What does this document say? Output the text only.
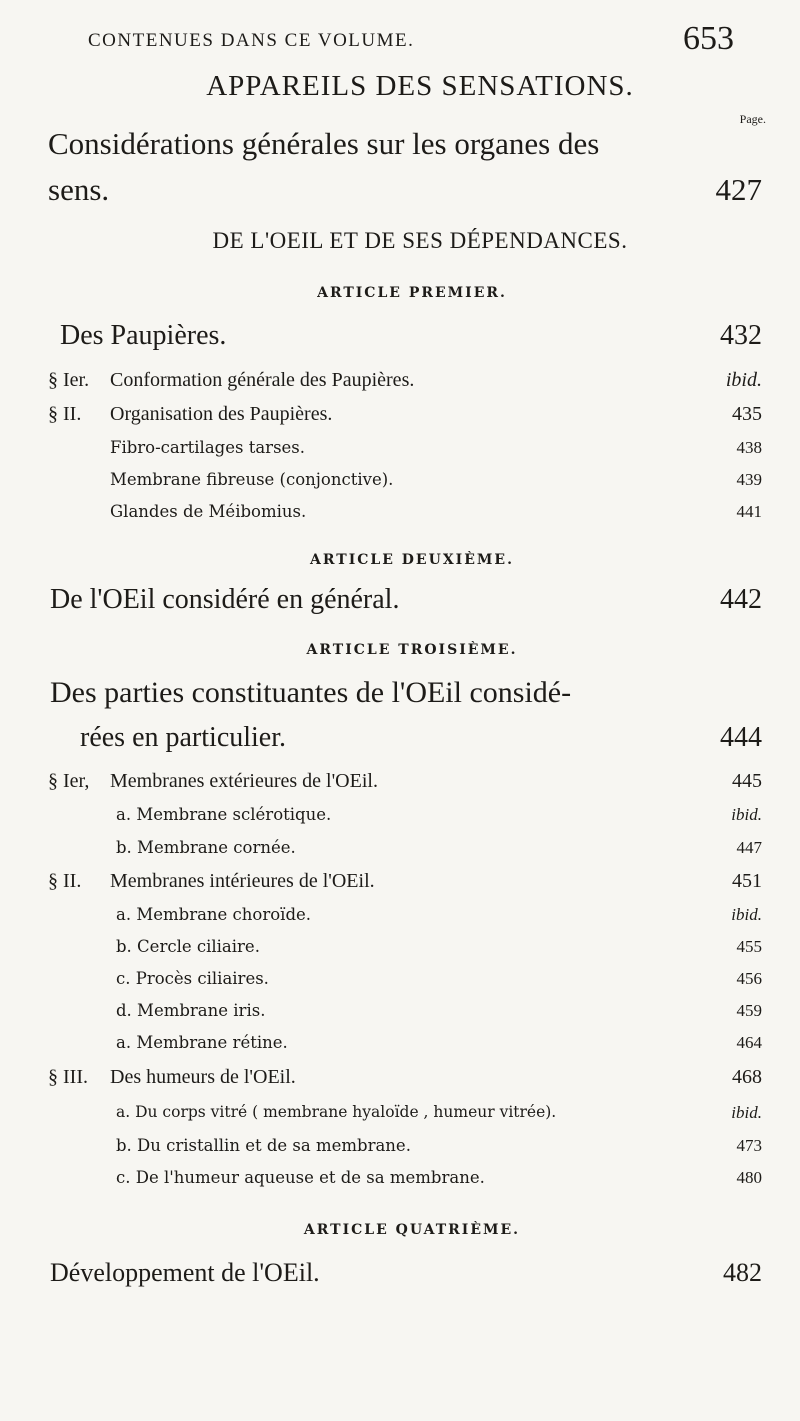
CONTENUES DANS CE VOLUME.	653
APPAREILS DES SENSATIONS.
Page.
Considérations générales sur les organes des
sens.	427
DE L'OEIL ET DE SES DÉPENDANCES.
ARTICLE PREMIER.
Des Paupières.	432
§ Ier. Conformation générale des Paupières.	ibid.
§ II. Organisation des Paupières.	435
Fibro-cartilages tarses.	438
Membrane fibreuse (conjonctive).	439
Glandes de Méibomius.	441
ARTICLE DEUXIÈME.
De l'OEil considéré en général.	442
ARTICLE TROISIÈME.
Des parties constituantes de l'OEil considé-
rées en particulier.	444
§ Ier, Membranes extérieures de l'OEil.	445
a. Membrane sclérotique.	ibid.
b. Membrane cornée.	447
§ II. Membranes intérieures de l'OEil.	451
a. Membrane choroïde.	ibid.
b. Cercle ciliaire.	455
c. Procès ciliaires.	456
d. Membrane iris.	459
a. Membrane rétine.	464
§ III. Des humeurs de l'OEil.	468
a. Du corps vitré ( membrane hyaloïde , humeur vitrée).	ibid.
b. Du cristallin et de sa membrane.	473
c. De l'humeur aqueuse et de sa membrane.	480
ARTICLE QUATRIÈME.
Développement de l'OEil.	482
